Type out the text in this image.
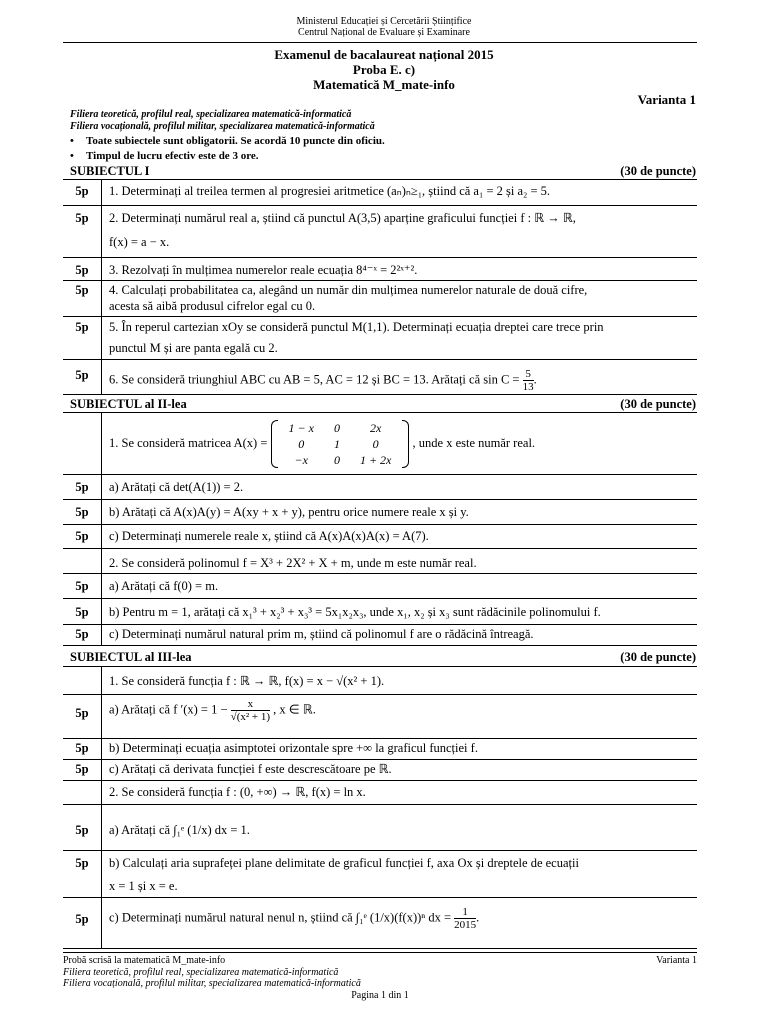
Ministerul Educației și Cercetării Științifice
Centrul Național de Evaluare și Examinare
Examenul de bacalaureat național 2015
Proba E. c)
Matematică M_mate-info
Varianta 1
Filiera teoretică, profilul real, specializarea matematică-informatică
Filiera vocațională, profilul militar, specializarea matematică-informatică
• Toate subiectele sunt obligatorii. Se acordă 10 puncte din oficiu.
• Timpul de lucru efectiv este de 3 ore.
SUBIECTUL I	(30 de puncte)
5p	1. Determinați al treilea termen al progresiei aritmetice (aₙ)ₙ≥₁, știind că a₁ = 2 și a₂ = 5.
5p	2. Determinați numărul real a, știind că punctul A(3,5) aparține graficului funcției f : ℝ → ℝ,
f(x) = a − x.
5p	3. Rezolvați în mulțimea numerelor reale ecuația 8⁴⁻ˣ = 2²ˣ⁺².
5p	4. Calculați probabilitatea ca, alegând un număr din mulțimea numerelor naturale de două cifre,
acesta să aibă produsul cifrelor egal cu 0.
5p	5. În reperul cartezian xOy se consideră punctul M(1,1). Determinați ecuația dreptei care trece prin
punctul M și are panta egală cu 2.
5p	6. Se consideră triunghiul ABC cu AB = 5, AC = 12 și BC = 13. Arătați că $\sin C = \frac{5}{13}$ .
SUBIECTUL al II-lea	(30 de puncte)
1. Se consideră matricea A(x) =
1 − x	0	2x
0	1	0
−x	0	1 + 2x
, unde x este număr real.
5p	a) Arătați că det(A(1)) = 2.
5p	b) Arătați că A(x)A(y) = A(xy + x + y), pentru orice numere reale x și y.
5p	c) Determinați numerele reale x, știind că A(x)A(x)A(x) = A(7).
2. Se consideră polinomul f = X³ + 2X² + X + m, unde m este număr real.
5p	a) Arătați că f(0) = m.
5p	b) Pentru m = 1, arătați că x₁³ + x₂³ + x₃³ = 5x₁x₂x₃, unde x₁, x₂ și x₃ sunt rădăcinile polinomului f.
5p	c) Determinați numărul natural prim m, știind că polinomul f are o rădăcină întreagă.
SUBIECTUL al III-lea	(30 de puncte)
1. Se consideră funcția f : ℝ → ℝ, f(x) = x − √(x² + 1).
5p	a) Arătați că f $'(x) = 1 - \frac{x}{\text{√(x² + 1)}}$ , x ∈ ℝ.
5p	b) Determinați ecuația asimptotei orizontale spre +∞ la graficul funcției f.
5p	c) Arătați că derivata funcției f este descrescătoare pe ℝ.
2. Se consideră funcția f : (0, +∞) → ℝ, f(x) = ln x.
5p	a) Arătați că ∫₁ᵉ (1/x) dx = 1.
5p	b) Calculați aria suprafeței plane delimitate de graficul funcției f, axa Ox și dreptele de ecuații
x = 1 și x = e.
5p	c) Determinați numărul natural nenul n, știind că ∫₁ᵉ (1/x)(f(x))ⁿ dx = $\frac{1}{2015}$ .
Probă scrisă la matematică M_mate-info	Varianta 1
Filiera teoretică, profilul real, specializarea matematică-informatică
Filiera vocațională, profilul militar, specializarea matematică-informatică
Pagina 1 din 1
